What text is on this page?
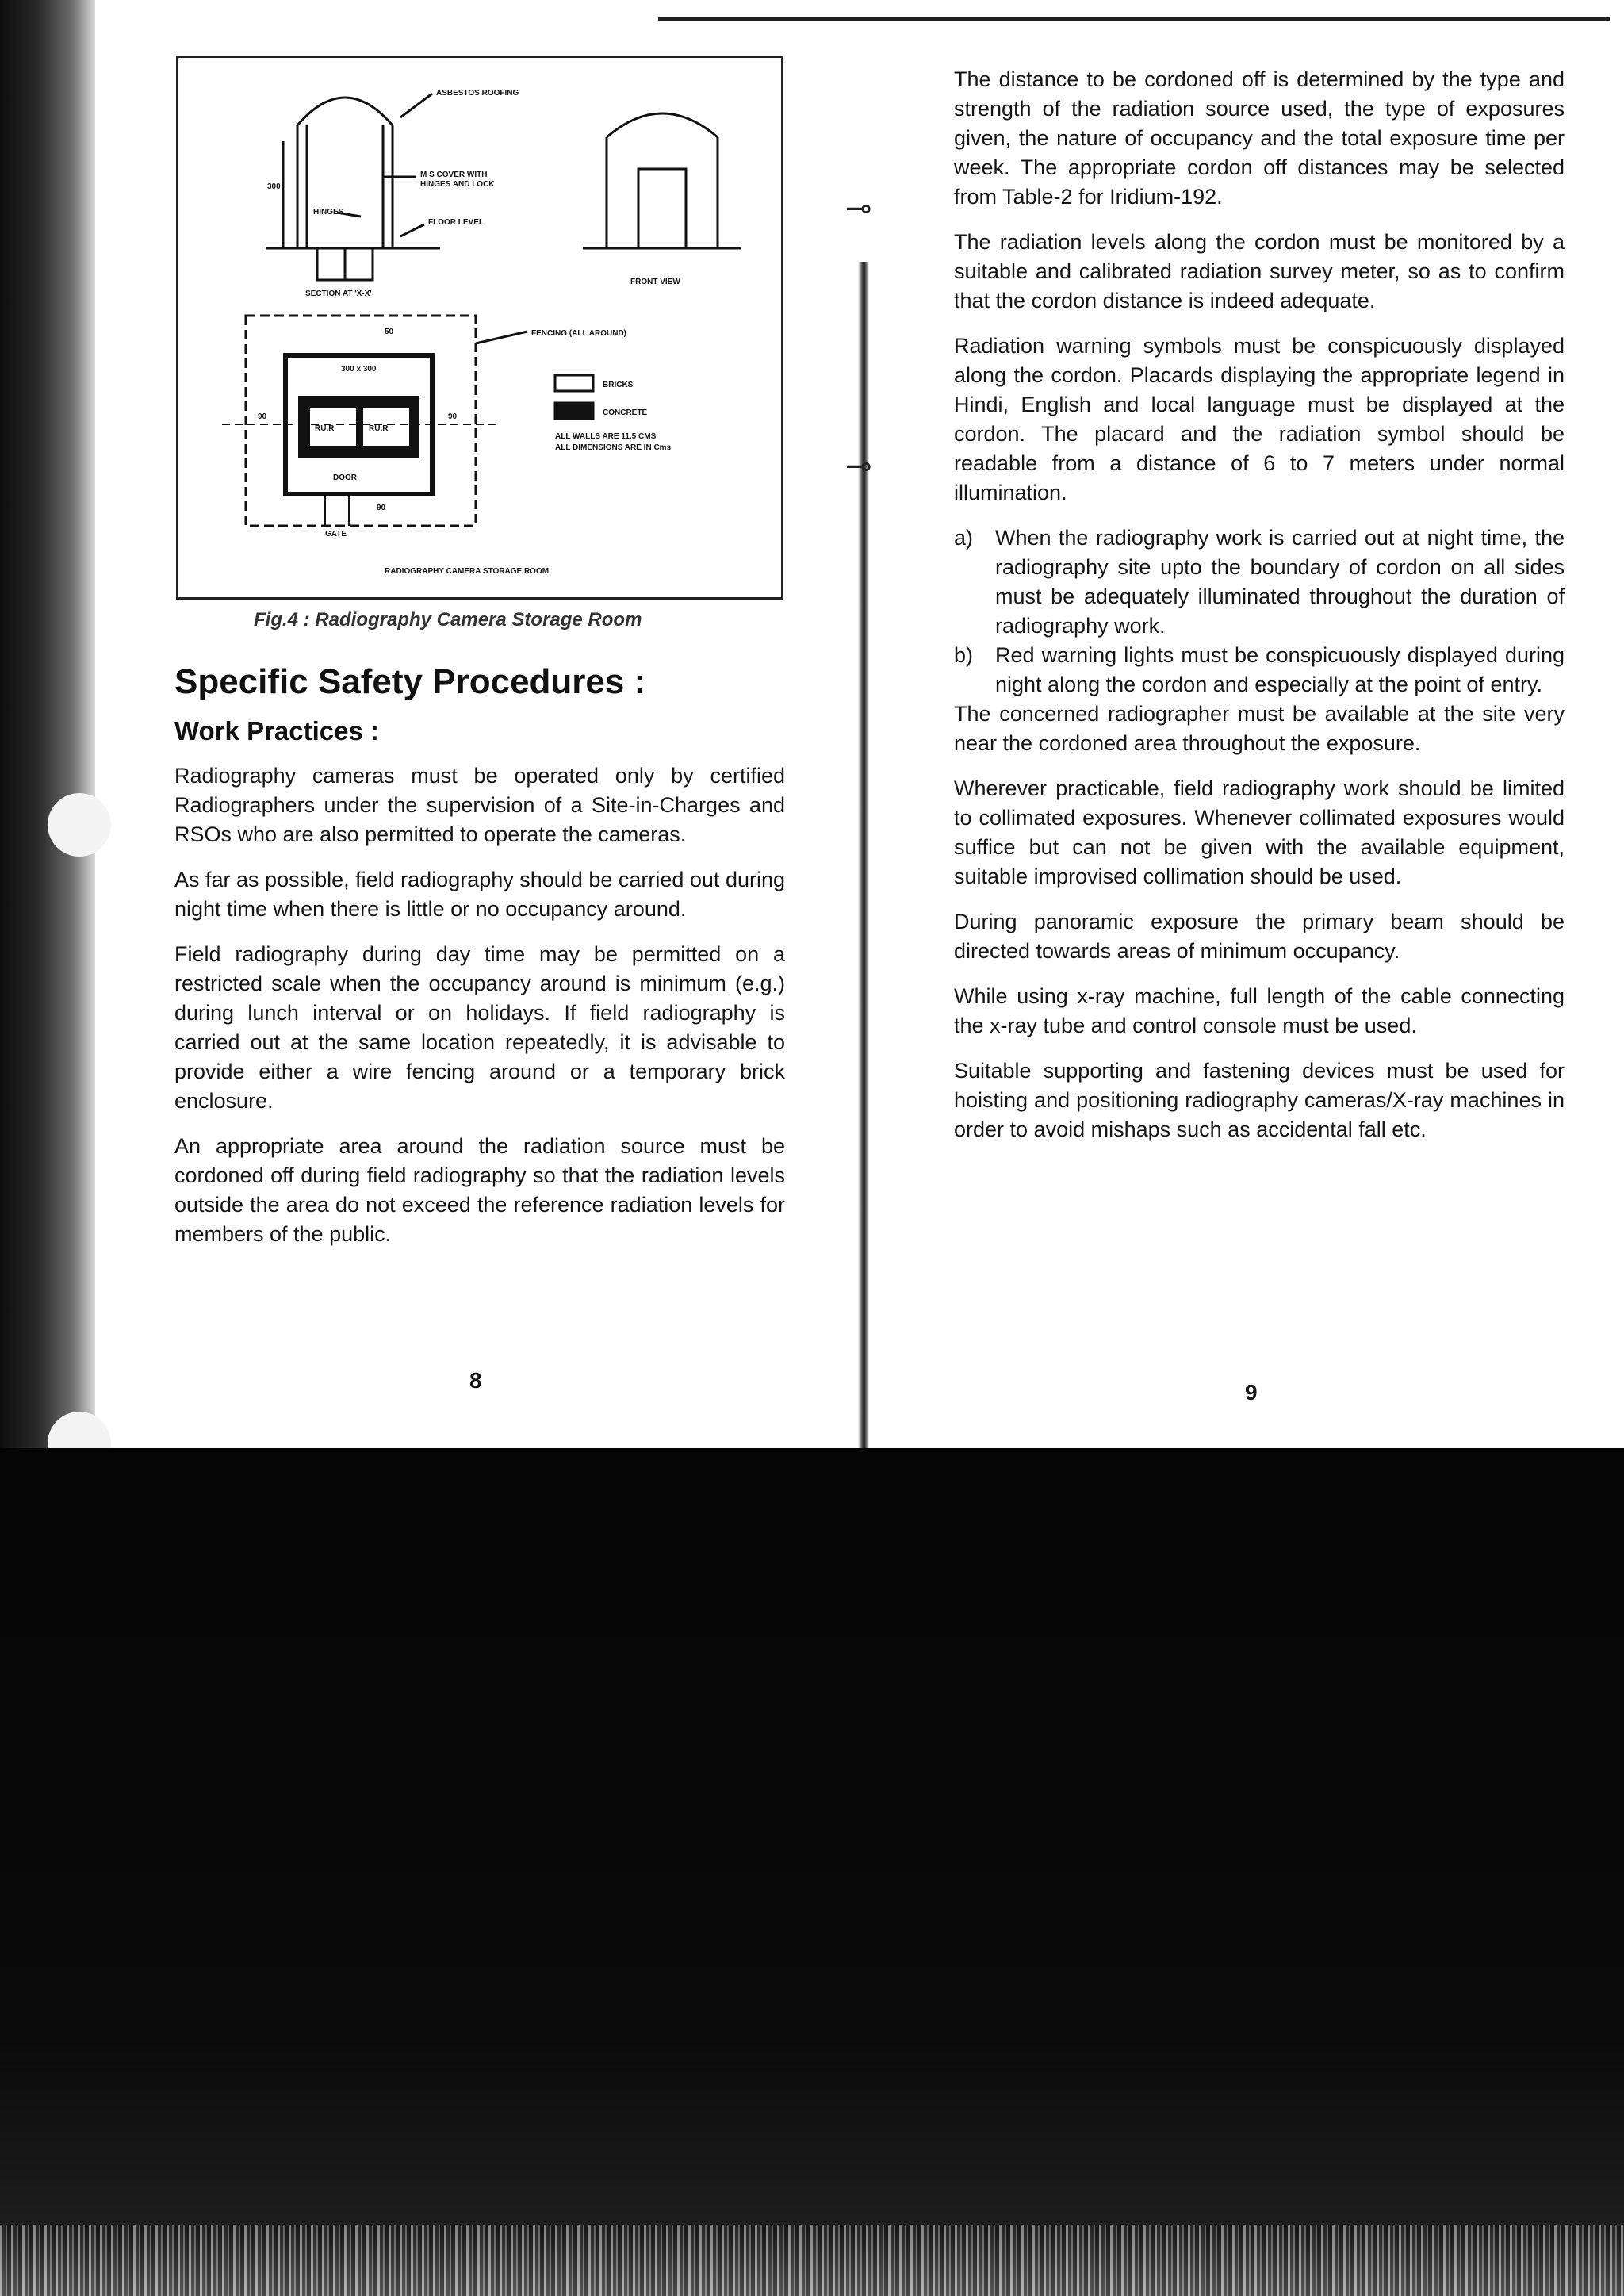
⊸
⊸
ASBESTOS ROOFING
M S COVER WITH
HINGES AND LOCK
HINGES
FLOOR LEVEL
SECTION AT 'X-X'
FRONT VIEW
FENCING (ALL AROUND)
BRICKS
CONCRETE
ALL WALLS ARE 11.5 CMS
ALL DIMENSIONS ARE IN Cms
DOOR
GATE
RU.R	RU.R
300 x 300
50
90	90
90
300
RADIOGRAPHY CAMERA STORAGE ROOM
Fig.4 : Radiography Camera Storage Room
Specific Safety Procedures :
Work Practices :

Radiography cameras must be operated only by certified Radiographers under the supervision of a Site-in-Charges and RSOs who are also permitted to operate the cameras.

As far as possible, field radiography should be carried out during night time when there is little or no occupancy around.

Field radiography during day time may be permitted on a restricted scale when the occupancy around is minimum (e.g.) during lunch interval or on holidays. If field radiography is carried out at the same location repeatedly, it is advisable to provide either a wire fencing around or a temporary brick enclosure.

An appropriate area around the radiation source must be cordoned off during field radiography so that the radiation levels outside the area do not exceed the reference radiation levels for members of the public.

8

The distance to be cordoned off is determined by the type and strength of the radiation source used, the type of exposures given, the nature of occupancy and the total exposure time per week. The appropriate cordon off distances may be selected from Table-2 for Iridium-192.

The radiation levels along the cordon must be monitored by a suitable and calibrated radiation survey meter, so as to confirm that the cordon distance is indeed adequate.

Radiation warning symbols must be conspicuously displayed along the cordon. Placards displaying the appropriate legend in Hindi, English and local language must be displayed at the cordon. The placard and the radiation symbol should be readable from a distance of 6 to 7 meters under normal illumination.

a)	When the radiography work is carried out at night time, the radiography site upto the boundary of cordon on all sides must be adequately illuminated throughout the duration of radiography work.
b)	Red warning lights must be conspicuously displayed during night along the cordon and especially at the point of entry.

The concerned radiographer must be available at the site very near the cordoned area throughout the exposure.

Wherever practicable, field radiography work should be limited to collimated exposures. Whenever collimated exposures would suffice but can not be given with the available equipment, suitable improvised collimation should be used.

During panoramic exposure the primary beam should be directed towards areas of minimum occupancy.

While using x-ray machine, full length of the cable connecting the x-ray tube and control console must be used.

Suitable supporting and fastening devices must be used for hoisting and positioning radiography cameras/X-ray machines in order to avoid mishaps such as accidental fall etc.

9
